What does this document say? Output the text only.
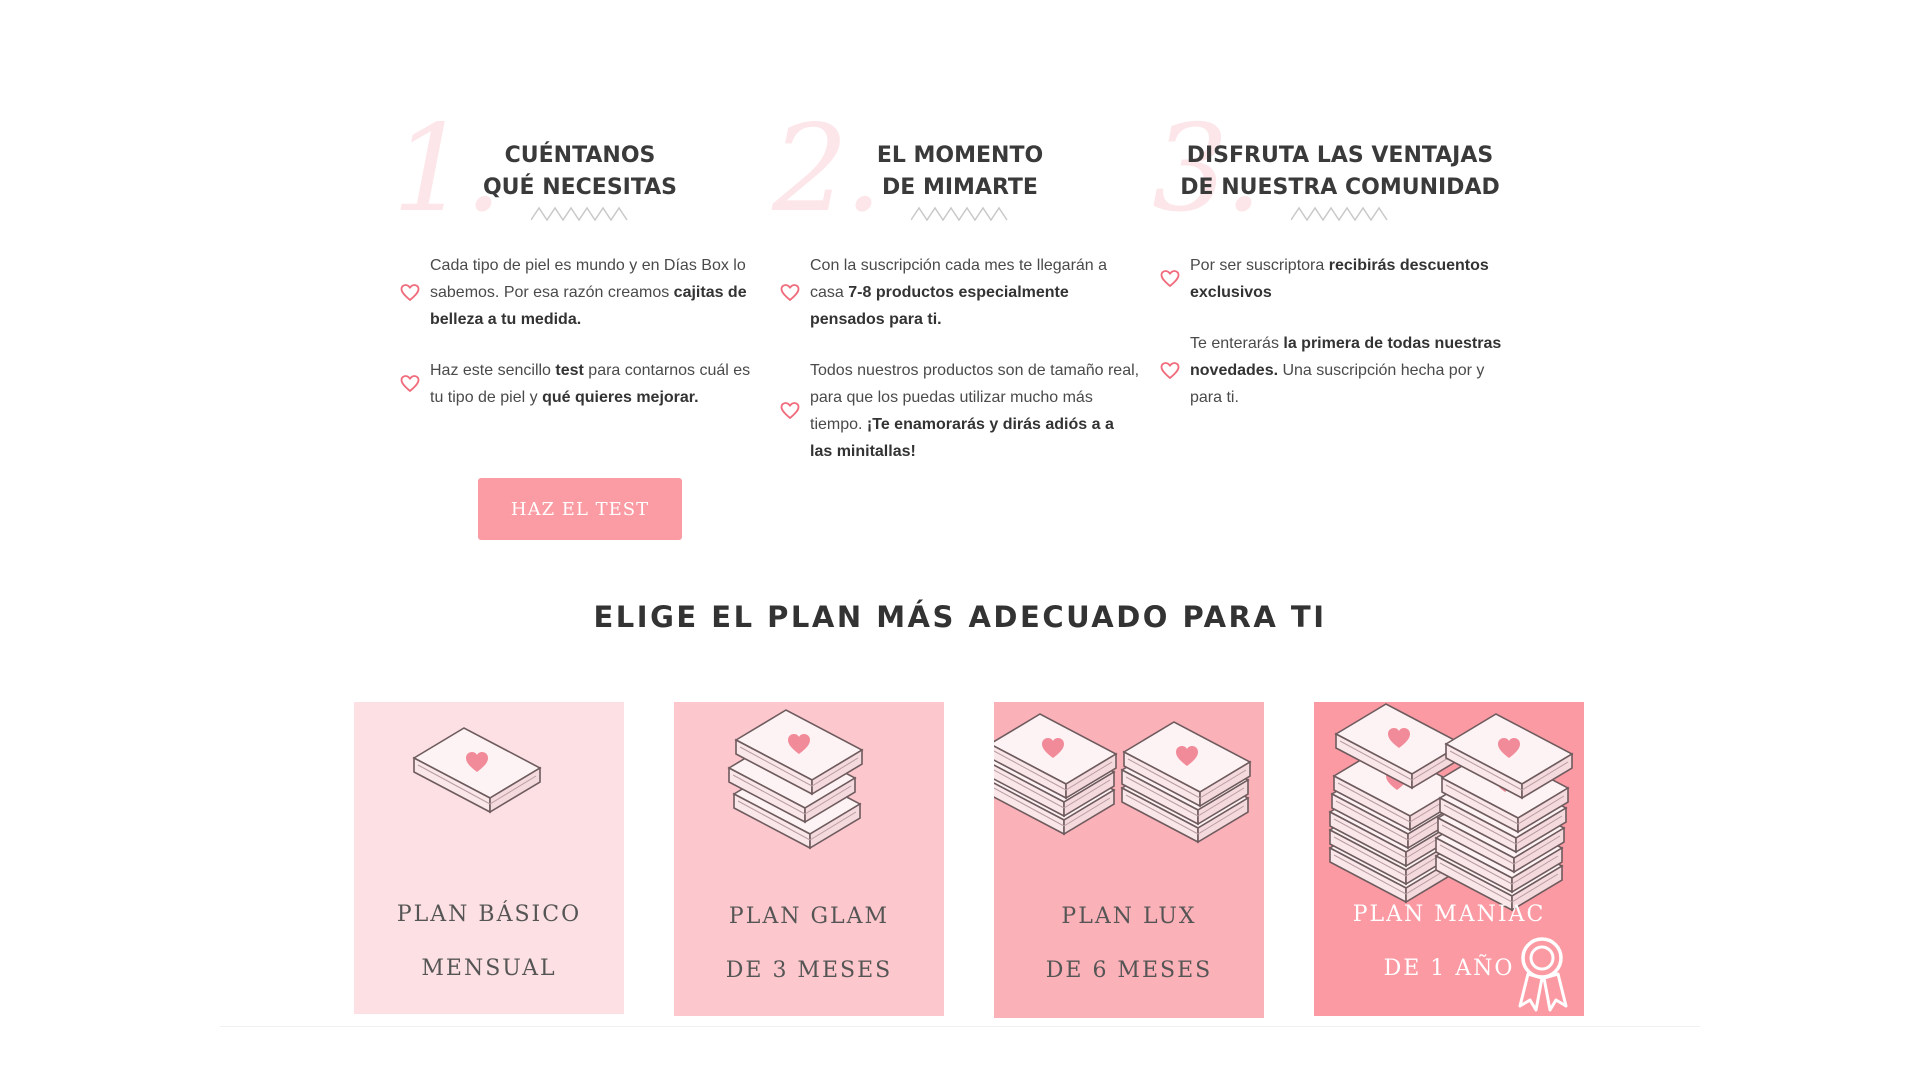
1. CUÉNTANOS
QUÉ NECESITAS
Cada tipo de piel es mundo y en Días Box lo sabemos. Por esa razón creamos cajitas de belleza a tu medida.
Haz este sencillo test para contarnos cuál es tu tipo de piel y qué quieres mejorar.
2.
EL MOMENTO
DE MIMARTE
Con la suscripción cada mes te llegarán a casa 7-8 productos especialmente pensados para ti.
Todos nuestros productos son de tamaño real, para que los puedas utilizar mucho más tiempo. ¡Te enamorarás y dirás adiós a a las minitallas!
3.
DISFRUTA LAS VENTAJAS
DE NUESTRA COMUNIDAD
Por ser suscriptora recibirás descuentos exclusivos
Te enterarás la primera de todas nuestras novedades. Una suscripción hecha por y para ti.
HAZ EL TEST
ELIGE EL PLAN MÁS ADECUADO PARA TI
PLAN BÁSICO
MENSUAL
PLAN GLAM
DE 3 MESES
PLAN LUX
DE 6 MESES
PLAN MANIAC
DE 1 AÑO
